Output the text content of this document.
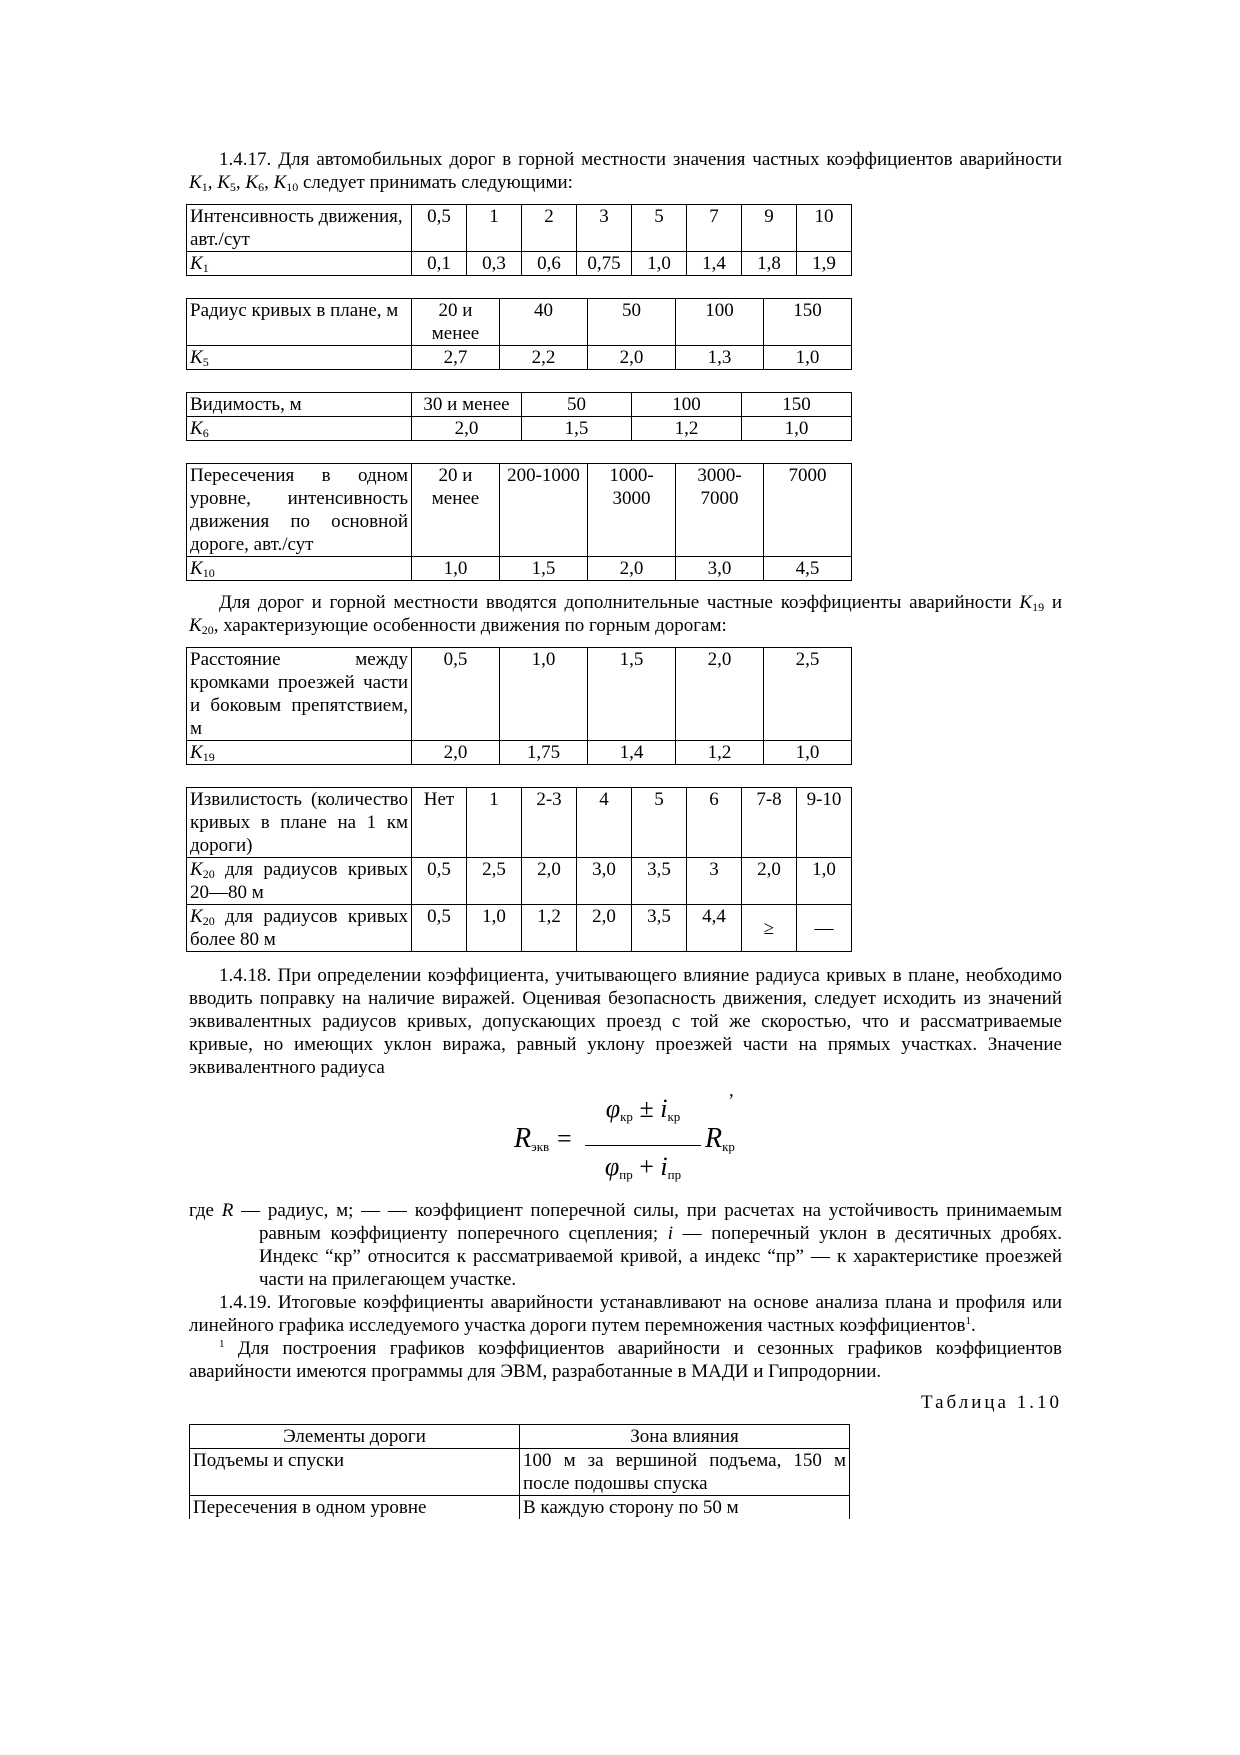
1.4.17. Для автомобильных дорог в горной местности значения частных коэффициентов аварийности $K_1$, $K_5$, $K_6$, $K_{10}$ следует принимать следующими:

Интенсивность движения, авт./сут	0,5	1	2	3	5	7	9	10
$K_1$	0,1	0,3	0,6	0,75	1,0	1,4	1,8	1,9
Радиус кривых в плане, м	20 и менее	40	50	100	150
$K_5$	2,7	2,2	2,0	1,3	1,0
Видимость, м	30 и менее	50	100	150
$K_6$	2,0	1,5	1,2	1,0
Пересечения в одном уровне, интенсивность движения по основной дороге, авт./сут	20 и менее	200-1000	1000-3000	3000-7000	7000
$K_{10}$	1,0	1,5	2,0	3,0	4,5

Для дорог и горной местности вводятся дополнительные частные коэффициенты аварийности $K_{19}$ и $K_{20}$, характеризующие особенности движения по горным дорогам:

Расстояние между кромками проезжей части и боковым препятствием, м	0,5	1,0	1,5	2,0	2,5
$K_{19}$	2,0	1,75	1,4	1,2	1,0
Извилистость (количество кривых в плане на 1 км дороги)	Нет	1	2-3	4	5	6	7-8	9-10
$K_{20}$ для радиусов кривых 20—80 м	0,5	2,5	2,0	3,0	3,5	3	2,0	1,0
$K_{20}$ для радиусов кривых более 80 м	0,5	1,0	1,2	2,0	3,5	4,4	≥	—

1.4.18. При определении коэффициента, учитывающего влияние радиуса кривых в плане, необходимо вводить поправку на наличие виражей. Оценивая безопасность движения, следует исходить из значений эквивалентных радиусов кривых, допускающих проезд с той же скоростью, что и рассматриваемые кривые, но имеющих уклон виража, равный уклону проезжей части на прямых участках. Значение эквивалентного радиуса

,
Rэкв =
φкр ± iкр
φпр + iпр
Rкр

где R — радиус, м; — — коэффициент поперечной силы, при расчетах на устойчивость принимаемым равным коэффициенту поперечного сцепления; i — поперечный уклон в десятичных дробях. Индекс “кр” относится к рассматриваемой кривой, а индекс “пр” — к характеристике проезжей части на прилегающем участке.

1.4.19. Итоговые коэффициенты аварийности устанавливают на основе анализа плана и профиля или линейного графика исследуемого участка дороги путем перемножения частных коэффициентов$^1$.

$^1$ Для построения графиков коэффициентов аварийности и сезонных графиков коэффициентов аварийности имеются программы для ЭВМ, разработанные в МАДИ и Гипродорнии.

Таблица 1.10

Элементы дороги	Зона влияния
Подъемы и спуски	100 м за вершиной подъема, 150 м после подошвы спуска
Пересечения в одном уровне	В каждую сторону по 50 м
